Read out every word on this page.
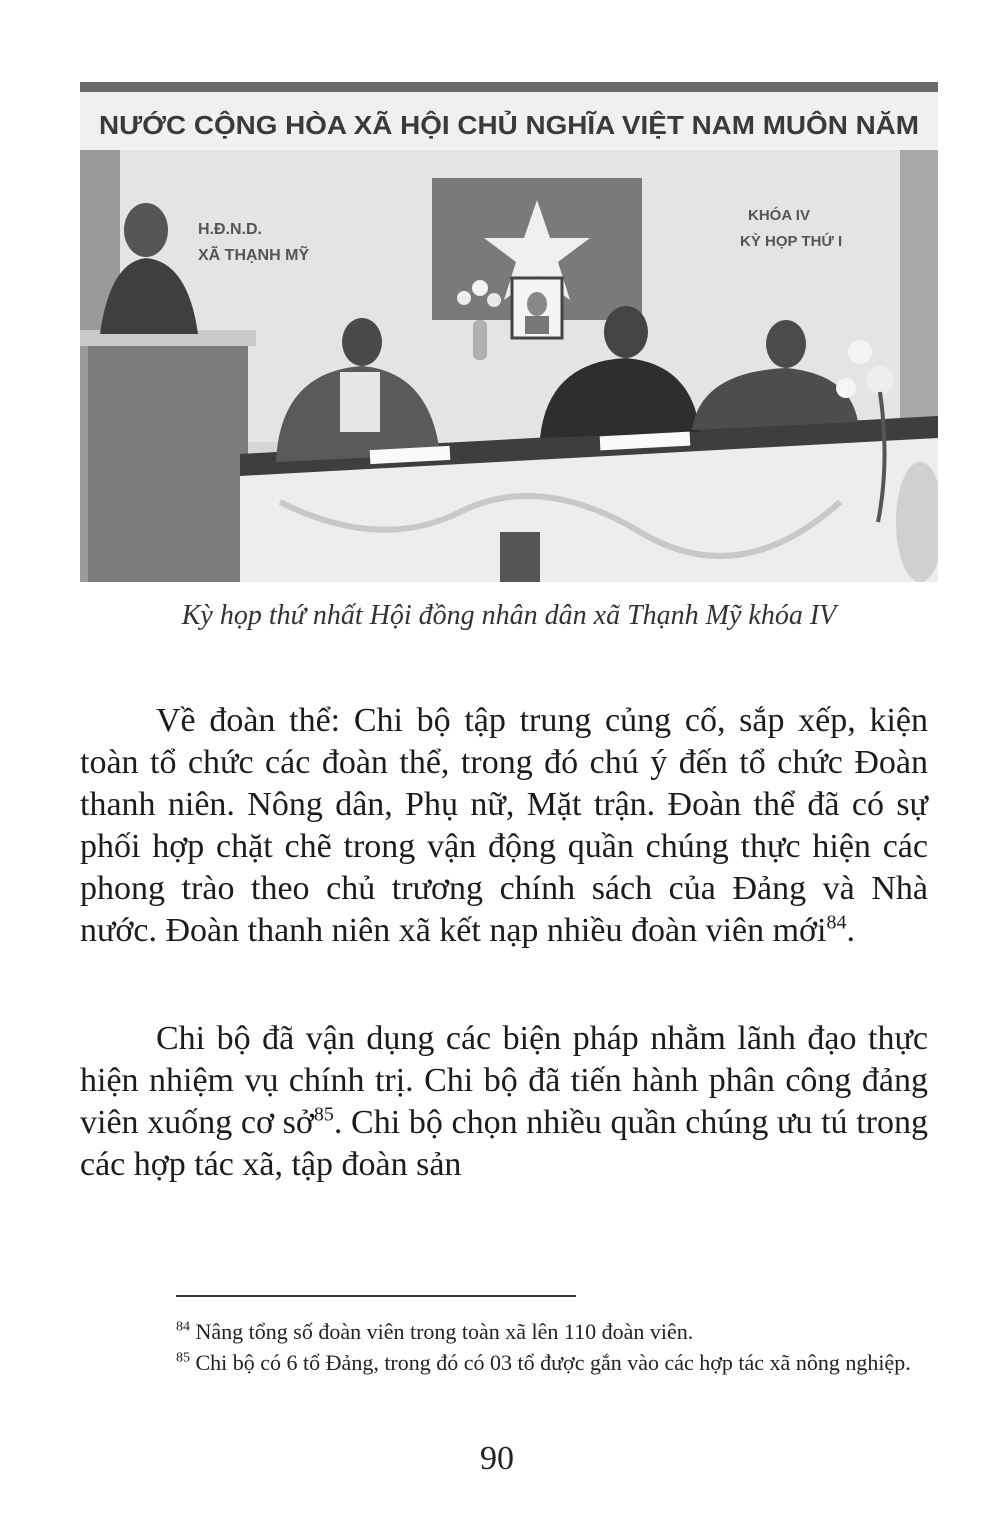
NƯỚC CỘNG HÒA XÃ HỘI CHỦ NGHĨA VIỆT NAM MUÔN NĂM
H.Đ.N.D.
XÃ THẠNH MỸ
KHÓA IV
KỲ HỌP THỨ I
Kỳ họp thứ nhất Hội đồng nhân dân xã Thạnh Mỹ khóa IV

Về đoàn thể: Chi bộ tập trung củng cố, sắp xếp, kiện toàn tổ chức các đoàn thể, trong đó chú ý đến tổ chức Đoàn thanh niên. Nông dân, Phụ nữ, Mặt trận. Đoàn thể đã có sự phối hợp chặt chẽ trong vận động quần chúng thực hiện các phong trào theo chủ trương chính sách của Đảng và Nhà nước. Đoàn thanh niên xã kết nạp nhiều đoàn viên mới$^{84}$.

Chi bộ đã vận dụng các biện pháp nhằm lãnh đạo thực hiện nhiệm vụ chính trị. Chi bộ đã tiến hành phân công đảng viên xuống cơ sở$^{85}$. Chi bộ chọn nhiều quần chúng ưu tú trong các hợp tác xã, tập đoàn sản

$^{84}$ Nâng tổng số đoàn viên trong toàn xã lên 110 đoàn viên.

$^{85}$ Chi bộ có 6 tổ Đảng, trong đó có 03 tổ được gắn vào các hợp tác xã nông nghiệp.

90
